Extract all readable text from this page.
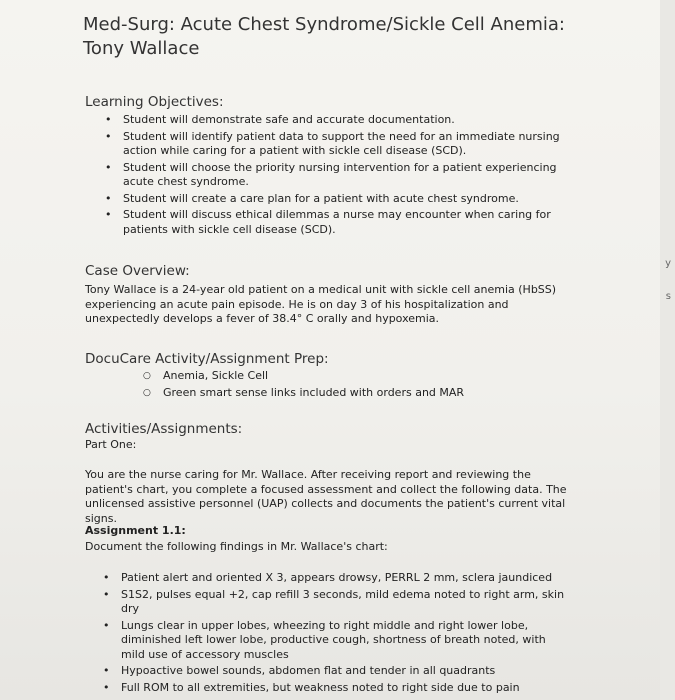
Med-Surg: Acute Chest Syndrome/Sickle Cell Anemia: Tony Wallace
Learning Objectives:
• Student will demonstrate safe and accurate documentation.
• Student will identify patient data to support the need for an immediate nursing action while caring for a patient with sickle cell disease (SCD).
• Student will choose the priority nursing intervention for a patient experiencing acute chest syndrome.
• Student will create a care plan for a patient with acute chest syndrome.
• Student will discuss ethical dilemmas a nurse may encounter when caring for patients with sickle cell disease (SCD).
Case Overview:

Tony Wallace is a 24-year old patient on a medical unit with sickle cell anemia (HbSS) experiencing an acute pain episode. He is on day 3 of his hospitalization and unexpectedly develops a fever of 38.4° C orally and hypoxemia.

DocuCare Activity/Assignment Prep:
○ Anemia, Sickle Cell
○ Green smart sense links included with orders and MAR
Activities/Assignments:

Part One:

You are the nurse caring for Mr. Wallace. After receiving report and reviewing the patient's chart, you complete a focused assessment and collect the following data. The unlicensed assistive personnel (UAP) collects and documents the patient's current vital signs.

Assignment 1.1:

Document the following findings in Mr. Wallace's chart:

• Patient alert and oriented X 3, appears drowsy, PERRL 2 mm, sclera jaundiced
• S1S2, pulses equal +2, cap refill 3 seconds, mild edema noted to right arm, skin dry
• Lungs clear in upper lobes, wheezing to right middle and right lower lobe, diminished left lower lobe, productive cough, shortness of breath noted, with mild use of accessory muscles
• Hypoactive bowel sounds, abdomen flat and tender in all quadrants
• Full ROM to all extremities, but weakness noted to right side due to pain
y
s
